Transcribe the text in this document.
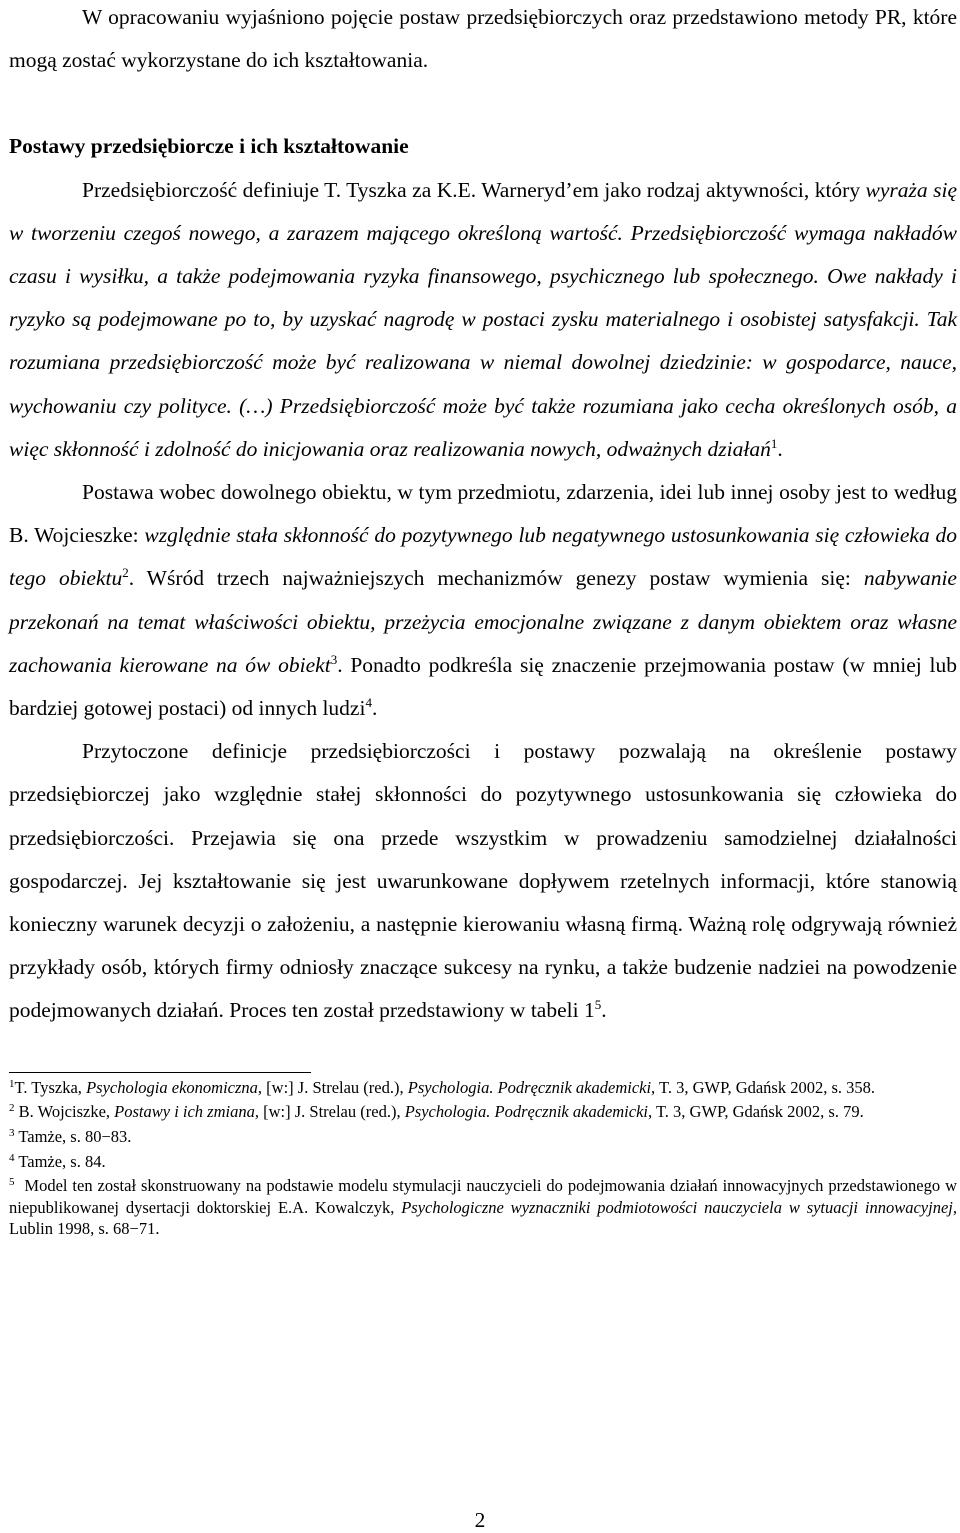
W opracowaniu wyjaśniono pojęcie postaw przedsiębiorczych oraz przedstawiono metody PR, które mogą zostać wykorzystane do ich kształtowania.

Postawy przedsiębiorcze i ich kształtowanie

Przedsiębiorczość definiuje T. Tyszka za K.E. Warneryd’em jako rodzaj aktywności, który wyraża się w tworzeniu czegoś nowego, a zarazem mającego określoną wartość. Przedsiębiorczość wymaga nakładów czasu i wysiłku, a także podejmowania ryzyka finansowego, psychicznego lub społecznego. Owe nakłady i ryzyko są podejmowane po to, by uzyskać nagrodę w postaci zysku materialnego i osobistej satysfakcji. Tak rozumiana przedsiębiorczość może być realizowana w niemal dowolnej dziedzinie: w gospodarce, nauce, wychowaniu czy polityce. (…) Przedsiębiorczość może być także rozumiana jako cecha określonych osób, a więc skłonność i zdolność do inicjowania oraz realizowania nowych, odważnych działań$^1$.

Postawa wobec dowolnego obiektu, w tym przedmiotu, zdarzenia, idei lub innej osoby jest to według B. Wojcieszke: względnie stała skłonność do pozytywnego lub negatywnego ustosunkowania się człowieka do tego obiektu$^2$. Wśród trzech najważniejszych mechanizmów genezy postaw wymienia się: nabywanie przekonań na temat właściwości obiektu, przeżycia emocjonalne związane z danym obiektem oraz własne zachowania kierowane na ów obiekt$^3$. Ponadto podkreśla się znaczenie przejmowania postaw (w mniej lub bardziej gotowej postaci) od innych ludzi$^4$.

Przytoczone definicje przedsiębiorczości i postawy pozwalają na określenie postawy przedsiębiorczej jako względnie stałej skłonności do pozytywnego ustosunkowania się człowieka do przedsiębiorczości. Przejawia się ona przede wszystkim w prowadzeniu samodzielnej działalności gospodarczej. Jej kształtowanie się jest uwarunkowane dopływem rzetelnych informacji, które stanowią konieczny warunek decyzji o założeniu, a następnie kierowaniu własną firmą. Ważną rolę odgrywają również przykłady osób, których firmy odniosły znaczące sukcesy na rynku, a także budzenie nadziei na powodzenie podejmowanych działań. Proces ten został przedstawiony w tabeli $1^5$.

$^1$T. Tyszka, Psychologia ekonomiczna, [w:] J. Strelau (red.), Psychologia. Podręcznik akademicki, T. 3, GWP, Gdańsk 2002, s. 358.

$^2$ B. Wojciszke, Postawy i ich zmiana, [w:] J. Strelau (red.), Psychologia. Podręcznik akademicki, T. 3, GWP, Gdańsk 2002, s. 79.

$^3$ Tamże, s. 80−83.

$^4$ Tamże, s. 84.

$^5$ Model ten został skonstruowany na podstawie modelu stymulacji nauczycieli do podejmowania działań innowacyjnych przedstawionego w niepublikowanej dysertacji doktorskiej E.A. Kowalczyk, Psychologiczne wyznaczniki podmiotowości nauczyciela w sytuacji innowacyjnej, Lublin 1998, s. 68−71.

2
